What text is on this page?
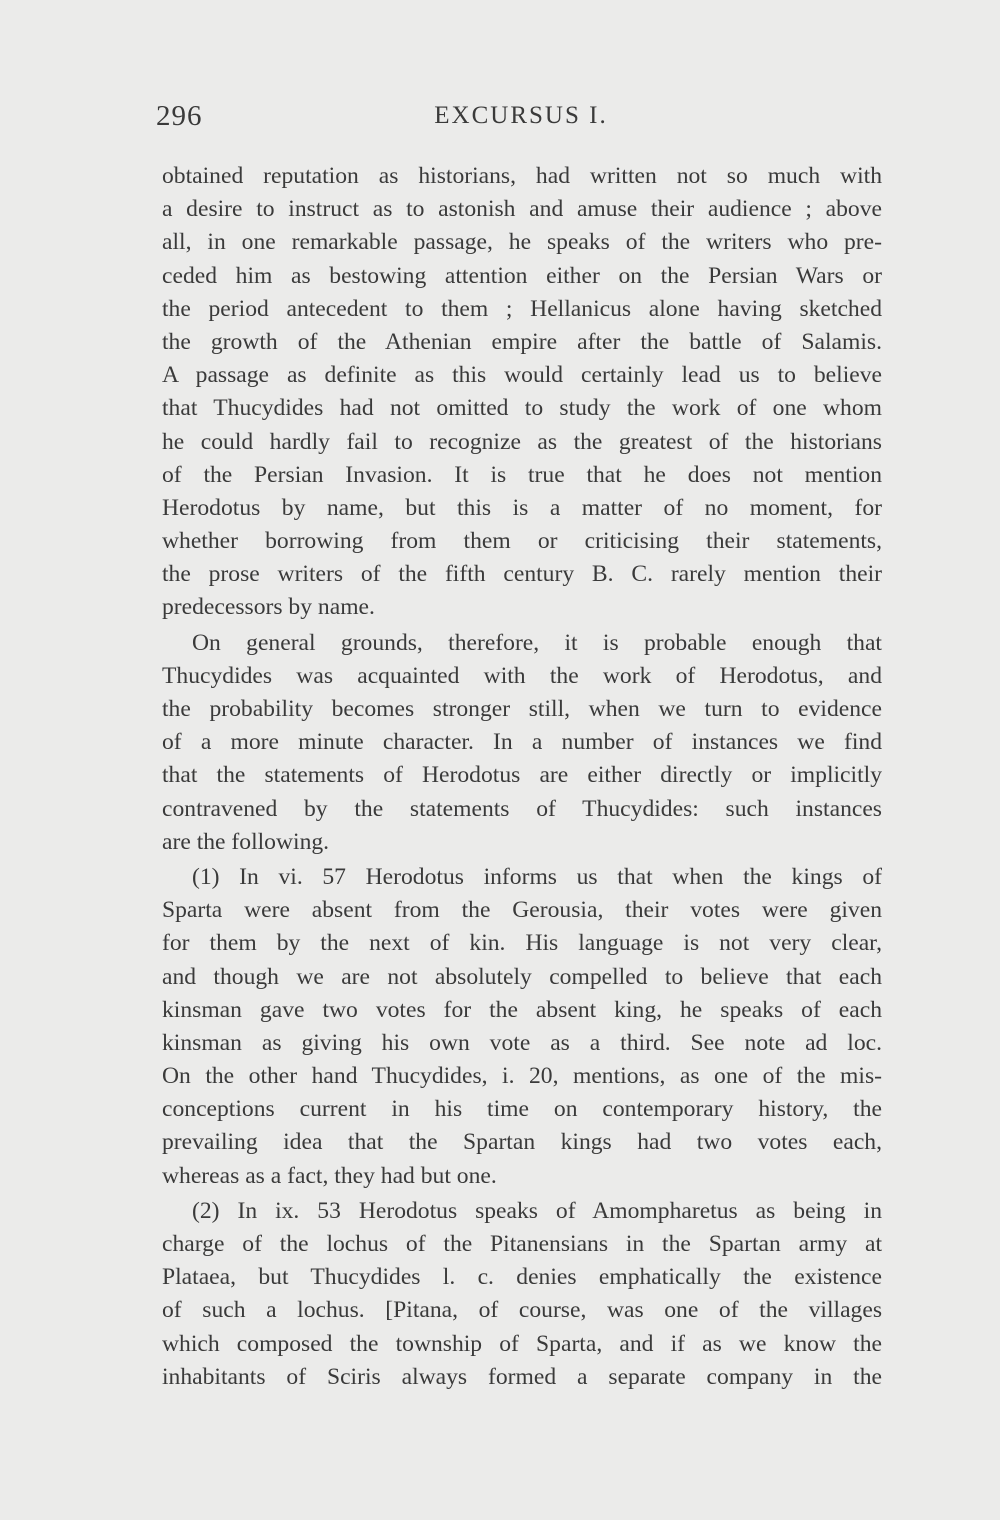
296	EXCURSUS I.
obtained reputation as historians, had written not so much with
a desire to instruct as to astonish and amuse their audience ; above
all, in one remarkable passage, he speaks of the writers who pre-
ceded him as bestowing attention either on the Persian Wars or
the period antecedent to them ; Hellanicus alone having sketched
the growth of the Athenian empire after the battle of Salamis.
A passage as definite as this would certainly lead us to believe
that Thucydides had not omitted to study the work of one whom
he could hardly fail to recognize as the greatest of the historians
of the Persian Invasion. It is true that he does not mention
Herodotus by name, but this is a matter of no moment, for
whether borrowing from them or criticising their statements,
the prose writers of the fifth century B. C. rarely mention their
predecessors by name.
On general grounds, therefore, it is probable enough that
Thucydides was acquainted with the work of Herodotus, and
the probability becomes stronger still, when we turn to evidence
of a more minute character. In a number of instances we find
that the statements of Herodotus are either directly or implicitly
contravened by the statements of Thucydides: such instances
are the following.
(1) In vi. 57 Herodotus informs us that when the kings of
Sparta were absent from the Gerousia, their votes were given
for them by the next of kin. His language is not very clear,
and though we are not absolutely compelled to believe that each
kinsman gave two votes for the absent king, he speaks of each
kinsman as giving his own vote as a third. See note ad loc.
On the other hand Thucydides, i. 20, mentions, as one of the mis-
conceptions current in his time on contemporary history, the
prevailing idea that the Spartan kings had two votes each,
whereas as a fact, they had but one.
(2) In ix. 53 Herodotus speaks of Amompharetus as being in
charge of the lochus of the Pitanensians in the Spartan army at
Plataea, but Thucydides l. c. denies emphatically the existence
of such a lochus. [Pitana, of course, was one of the villages
which composed the township of Sparta, and if as we know the
inhabitants of Sciris always formed a separate company in the
